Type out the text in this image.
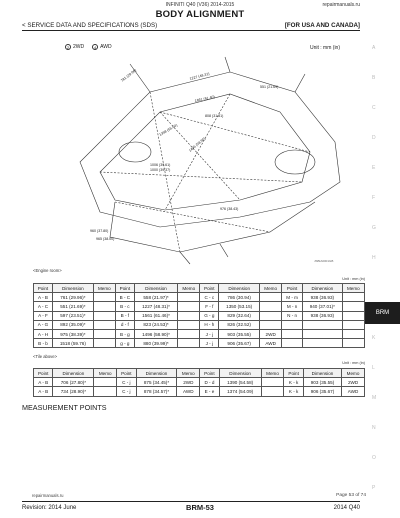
INFINITI Q40 (V36) 2014-2015	repairmanuals.ru
BODY ALIGNMENT
< SERVICE DATA AND SPECIFICATIONS (SDS)	[FOR USA AND CANADA]
2 2WD	4 AWD	Unit : mm (in)
781 (29.96)	1227 (48.31)
551 (21.69)
1661 (61.40)
808 (31.81)
1398 (55.04)
1496 (58.90)
1006 (39.61)
1000 (39.37)
976 (38.43)
960 (37.80)
965 (38.00)
JSBIA0001GB
<Engine room>
Unit : mm (in)
Point	Dimension	Memo	Point	Dimension	Memo	Point	Dimension	Memo	Point	Dimension	Memo
A - B	761 (29.96)*		B - C	558 (21.97)*		C - c	786 (30.94)		M - m	938 (36.93)	
A - C	551 (21.69)*		B - c	1227 (48.31)*		F - f	1350 (53.15)		M - n	940 (37.01)*	
A - F	597 (23.51)*		B - f	1561 (61.46)*		G - g	829 (32.64)		N - n	938 (36.93)	
A - G	892 (35.09)*		d - f	823 (24.53)*		H - h	826 (32.52)				
A - H	975 (38.39)*		B - g	1496 (58.90)*		J - j	903 (35.55)	2WD			
B - b	1518 (59.76)		g - g	880 (39.99)*		J - j	906 (35.67)	AWD			
<Tile above>
Unit : mm (in)
Point	Dimension	Memo	Point	Dimension	Memo	Point	Dimension	Memo	Point	Dimension	Memo
A - B	706 (27.80)*		C - j	875 (34.45)*	2WD	D - d	1390 (54.58)		K - k	903 (35.55)	2WD
A - B	734 (28.90)*		C - j	878 (34.57)*	AWD	E - e	1374 (54.09)		K - k	906 (35.67)	AWD
MEASUREMENT POINTS
BRM
A
B
C
D
E
F
G
H
K
L
M
N
O
P
repairmanuals.ru	Page 53 of 74
Revision: 2014 June	BRM-53	2014 Q40
